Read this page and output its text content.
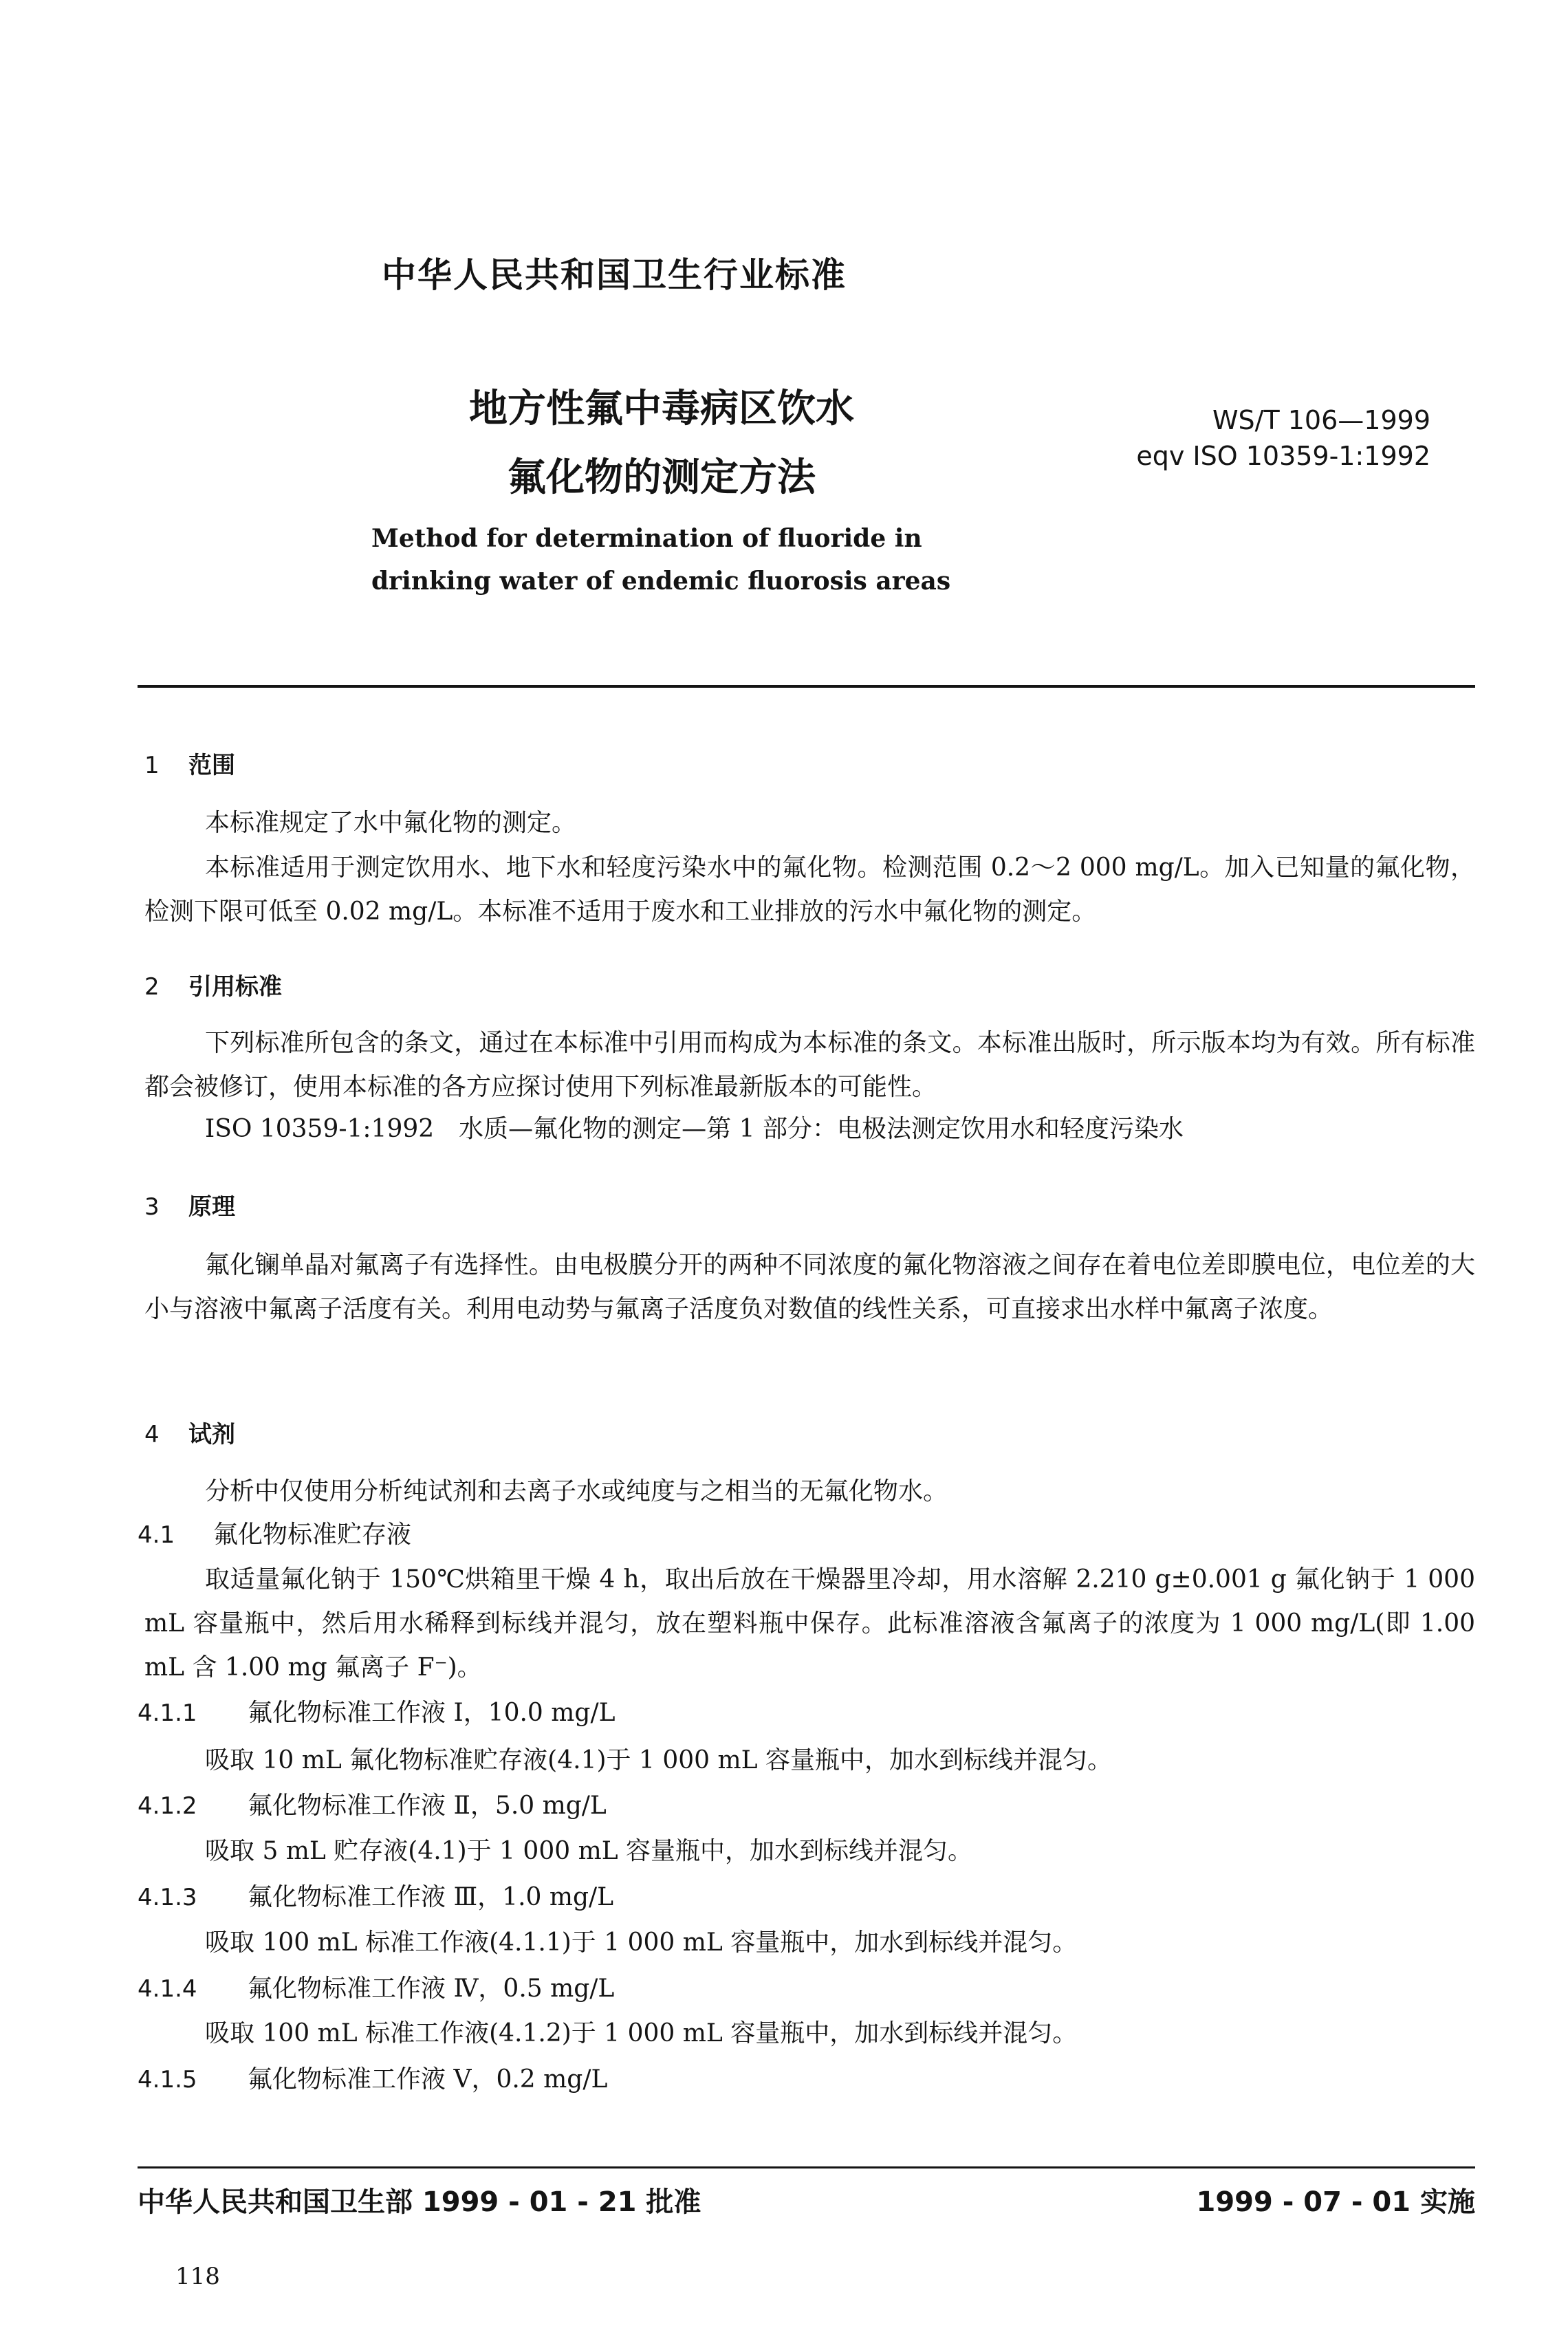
中华人民共和国卫生行业标准
地方性氟中毒病区饮水
氟化物的测定方法
WS/T 106—1999
eqv ISO 10359-1:1992
Method for determination of fluoride in
drinking water of endemic fluorosis areas
1 范围
本标准规定了水中氟化物的测定。
本标准适用于测定饮用水、地下水和轻度污染水中的氟化物。检测范围 0.2～2 000 mg/L。加入已知量的氟化物，检测下限可低至 0.02 mg/L。本标准不适用于废水和工业排放的污水中氟化物的测定。
2 引用标准
下列标准所包含的条文，通过在本标准中引用而构成为本标准的条文。本标准出版时，所示版本均为有效。所有标准都会被修订，使用本标准的各方应探讨使用下列标准最新版本的可能性。
ISO 10359-1:1992　水质—氟化物的测定—第 1 部分：电极法测定饮用水和轻度污染水
3 原理
氟化镧单晶对氟离子有选择性。由电极膜分开的两种不同浓度的氟化物溶液之间存在着电位差即膜电位，电位差的大小与溶液中氟离子活度有关。利用电动势与氟离子活度负对数值的线性关系，可直接求出水样中氟离子浓度。
4 试剂
分析中仅使用分析纯试剂和去离子水或纯度与之相当的无氟化物水。
4.1 氟化物标准贮存液
取适量氟化钠于 150℃烘箱里干燥 4 h，取出后放在干燥器里冷却，用水溶解 2.210 g±0.001 g 氟化钠于 1 000 mL 容量瓶中，然后用水稀释到标线并混匀，放在塑料瓶中保存。此标准溶液含氟离子的浓度为 1 000 mg/L(即 1.00 mL 含 1.00 mg 氟离子 F⁻)。
4.1.1 氟化物标准工作液 Ⅰ，10.0 mg/L
吸取 10 mL 氟化物标准贮存液(4.1)于 1 000 mL 容量瓶中，加水到标线并混匀。
4.1.2 氟化物标准工作液 Ⅱ，5.0 mg/L
吸取 5 mL 贮存液(4.1)于 1 000 mL 容量瓶中，加水到标线并混匀。
4.1.3 氟化物标准工作液 Ⅲ，1.0 mg/L
吸取 100 mL 标准工作液(4.1.1)于 1 000 mL 容量瓶中，加水到标线并混匀。
4.1.4 氟化物标准工作液 Ⅳ，0.5 mg/L
吸取 100 mL 标准工作液(4.1.2)于 1 000 mL 容量瓶中，加水到标线并混匀。
4.1.5 氟化物标准工作液 Ⅴ，0.2 mg/L
中华人民共和国卫生部 1999 - 01 - 21 批准	1999 - 07 - 01 实施
118
